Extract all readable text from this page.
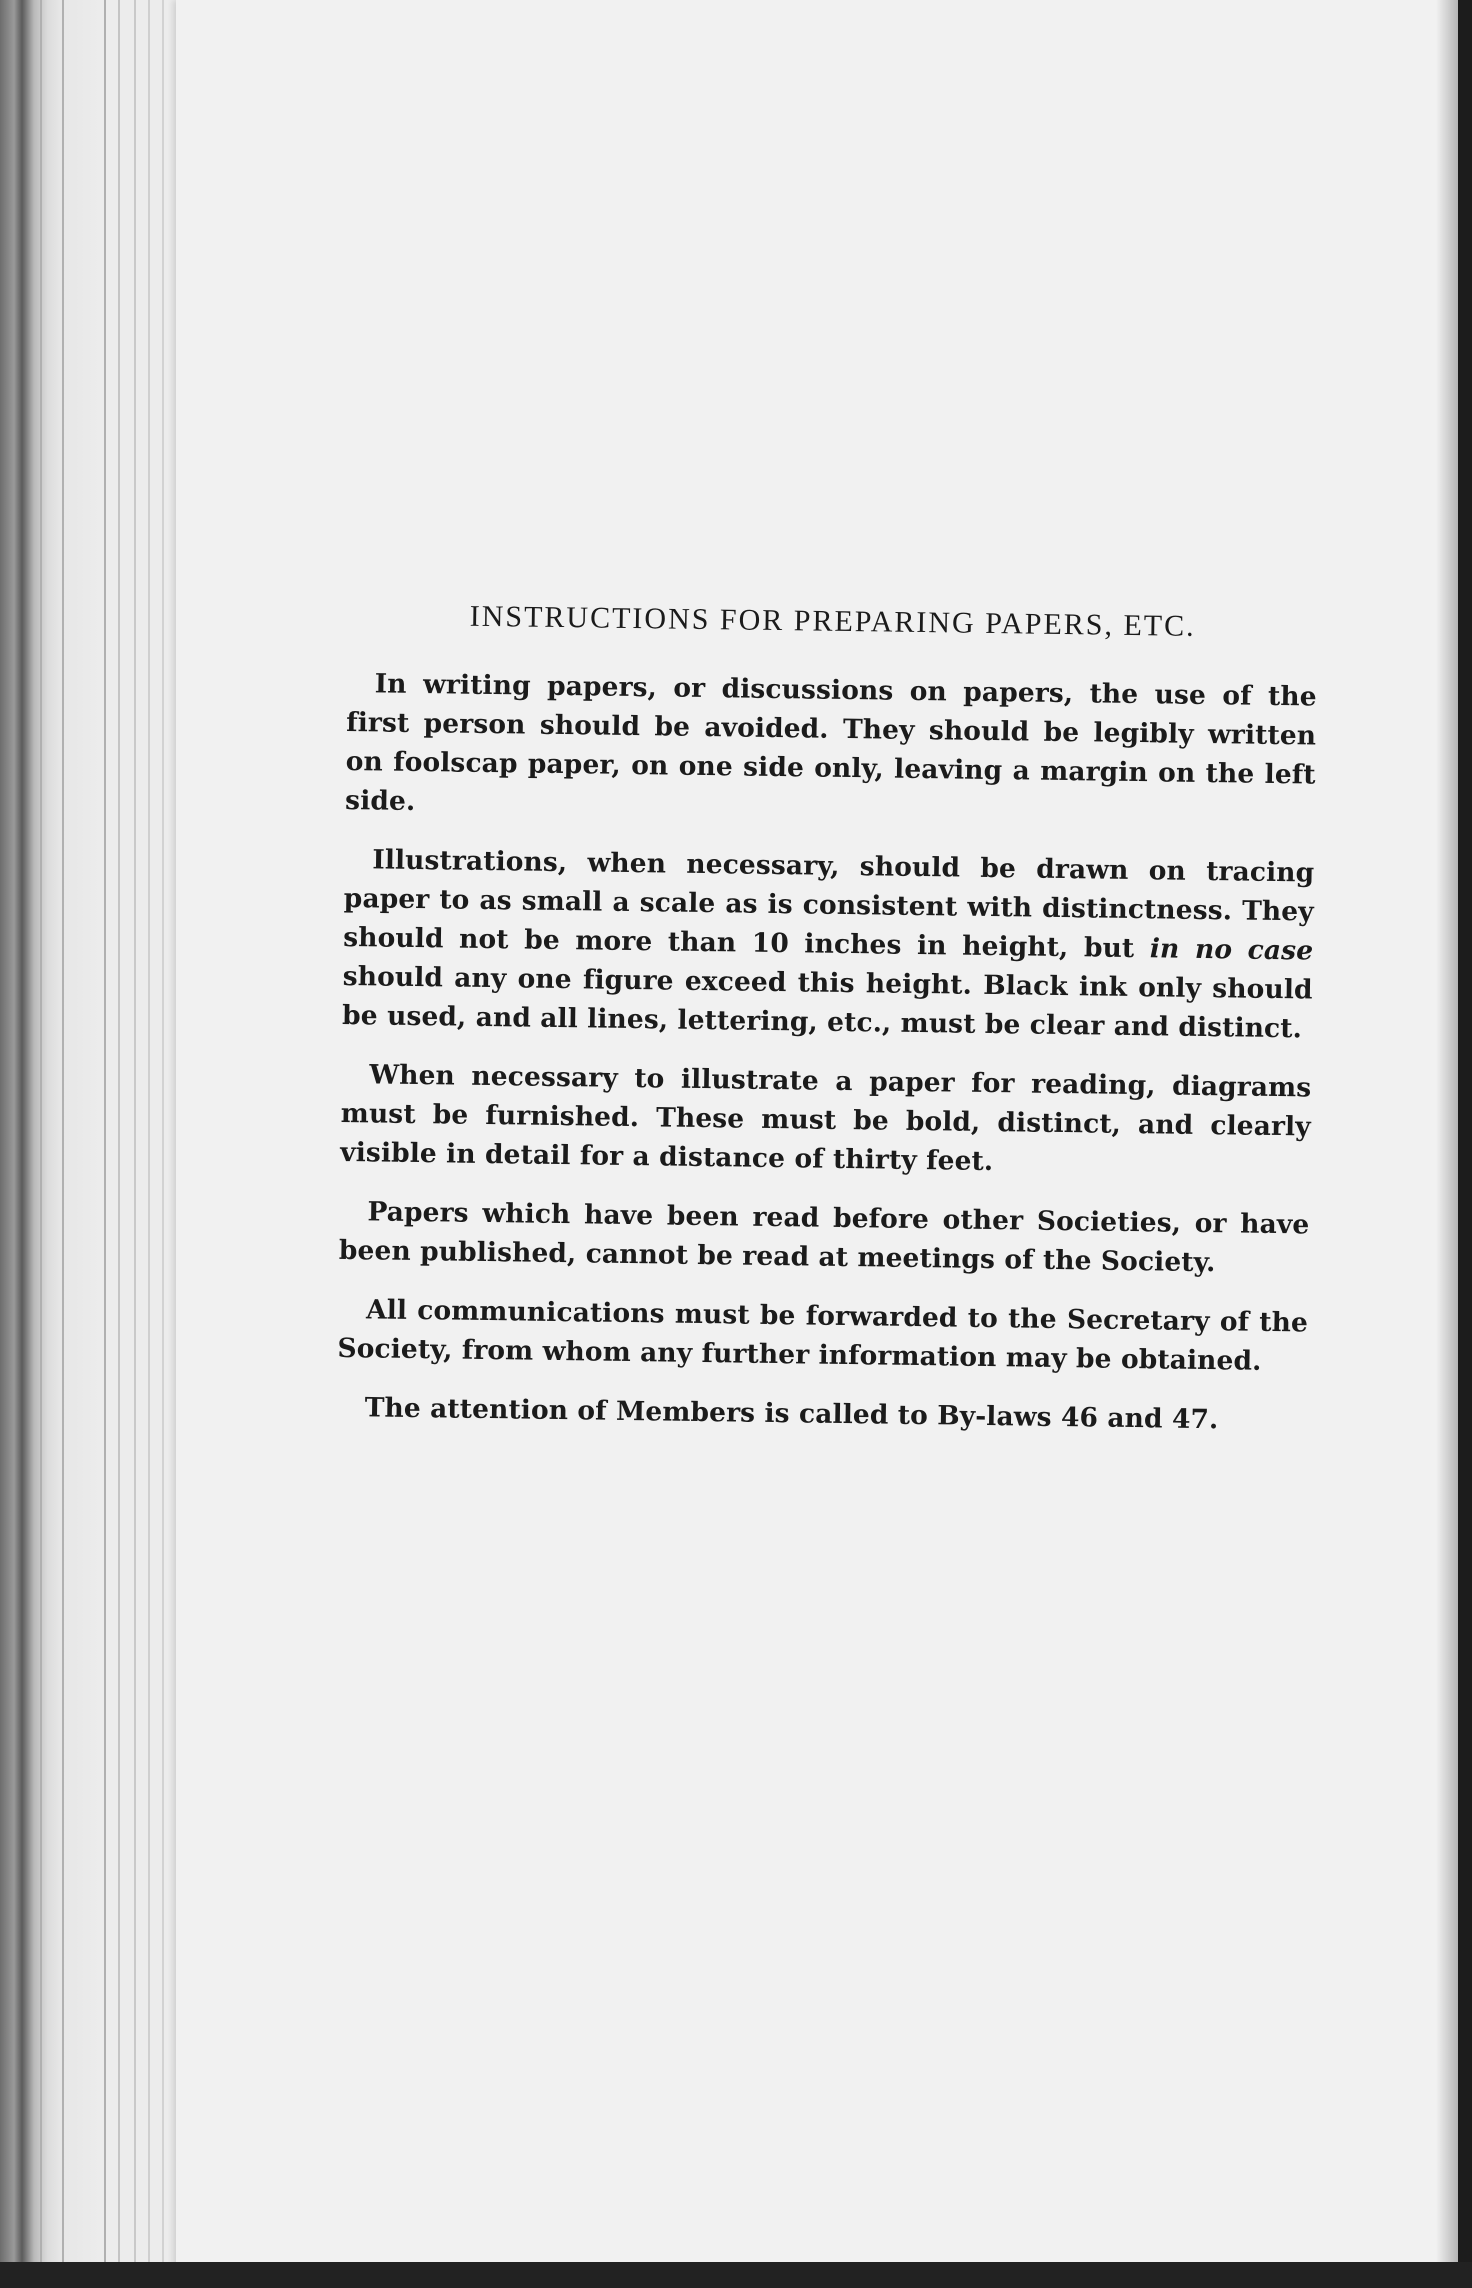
INSTRUCTIONS FOR PREPARING PAPERS, ETC.

In writing papers, or discussions on papers, the use of the first person should be avoided. They should be legibly written on foolscap paper, on one side only, leaving a margin on the left side.

Illustrations, when necessary, should be drawn on tracing paper to as small a scale as is consistent with distinctness. They should not be more than 10 inches in height, but in no case should any one figure exceed this height. Black ink only should be used, and all lines, lettering, etc., must be clear and distinct.

When necessary to illustrate a paper for reading, diagrams must be furnished. These must be bold, distinct, and clearly visible in detail for a distance of thirty feet.

Papers which have been read before other Societies, or have been published, cannot be read at meetings of the Society.

All communications must be forwarded to the Secretary of the Society, from whom any further information may be obtained.

The attention of Members is called to By-laws 46 and 47.
